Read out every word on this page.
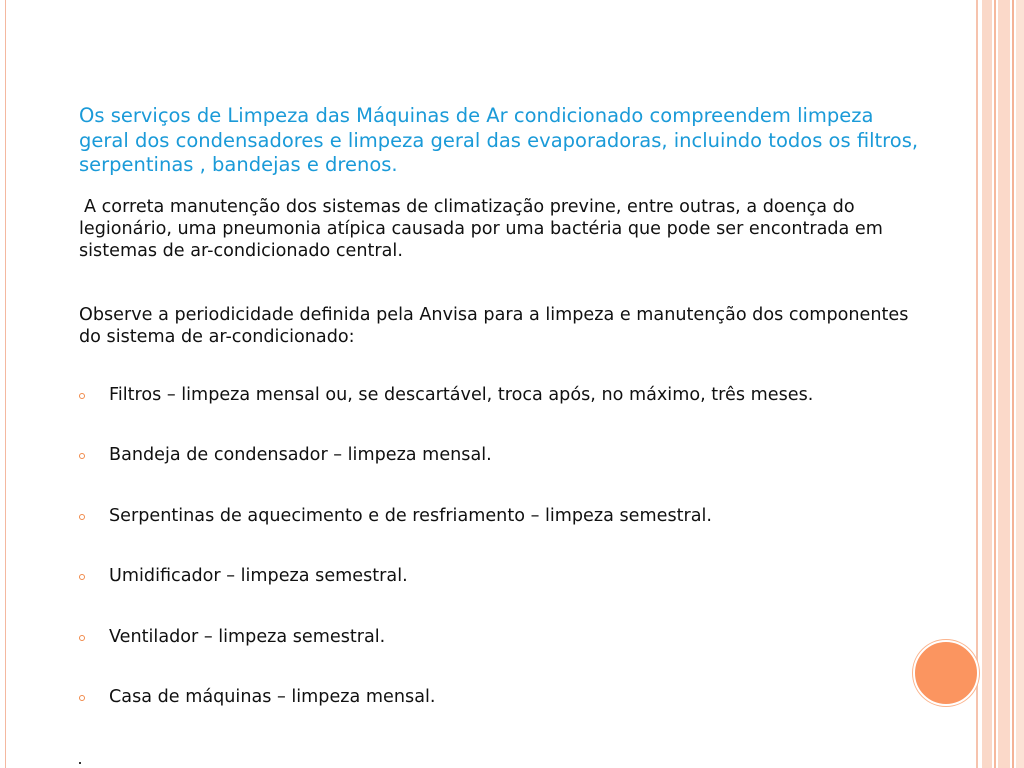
Os serviços de Limpeza das Máquinas de Ar condicionado compreendem limpeza geral dos condensadores e limpeza geral das evaporadoras, incluindo todos os filtros, serpentinas , bandejas e drenos.

A correta manutenção dos sistemas de climatização previne, entre outras, a doença do legionário, uma pneumonia atípica causada por uma bactéria que pode ser encontrada em sistemas de ar-condicionado central.

Observe a periodicidade definida pela Anvisa para a limpeza e manutenção dos componentes do sistema de ar-condicionado:

Filtros – limpeza mensal ou, se descartável, troca após, no máximo, três meses.
Bandeja de condensador – limpeza mensal.
Serpentinas de aquecimento e de resfriamento – limpeza semestral.
Umidificador – limpeza semestral.
Ventilador – limpeza semestral.
Casa de máquinas – limpeza mensal.
